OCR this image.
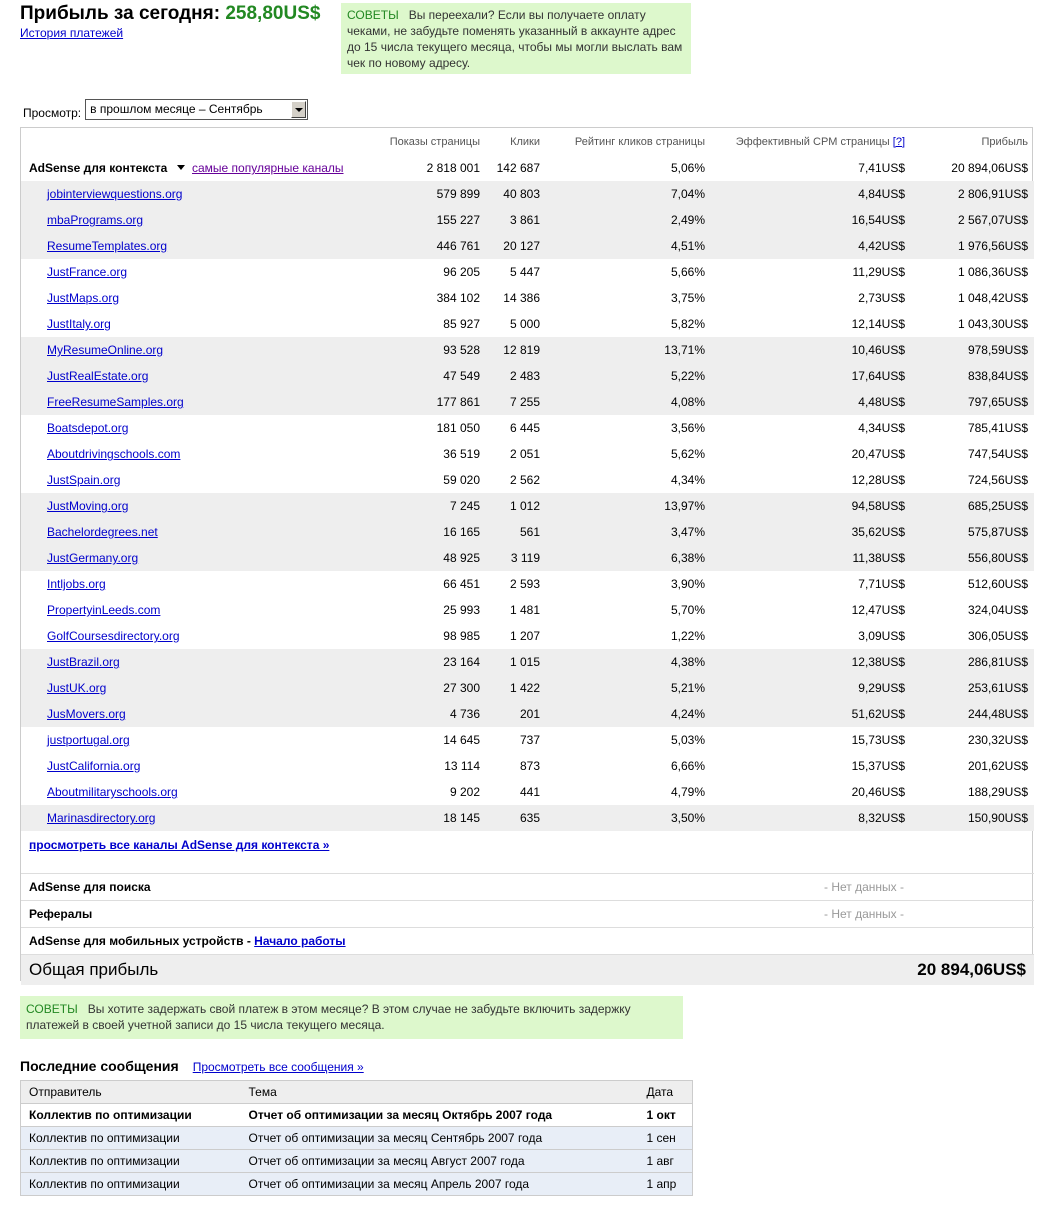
Прибыль за сегодня: 258,80US$
История платежей
СОВЕТЫ Вы переехали? Если вы получаете оплату чеками, не забудьте поменять указанный в аккаунте адрес до 15 числа текущего месяца, чтобы мы могли выслать вам чек по новому адресу.
Просмотр: в прошлом месяце – Сентябрь
	Показы страницы	Клики	Рейтинг кликов страницы	Эффективный CPM страницы [?]	Прибыль
AdSense для контекста самые популярные каналы	2 818 001	142 687	5,06%	7,41US$	20 894,06US$
jobinterviewquestions.org	579 899	40 803	7,04%	4,84US$	2 806,91US$
mbaPrograms.org	155 227	3 861	2,49%	16,54US$	2 567,07US$
ResumeTemplates.org	446 761	20 127	4,51%	4,42US$	1 976,56US$
JustFrance.org	96 205	5 447	5,66%	11,29US$	1 086,36US$
JustMaps.org	384 102	14 386	3,75%	2,73US$	1 048,42US$
JustItaly.org	85 927	5 000	5,82%	12,14US$	1 043,30US$
MyResumeOnline.org	93 528	12 819	13,71%	10,46US$	978,59US$
JustRealEstate.org	47 549	2 483	5,22%	17,64US$	838,84US$
FreeResumeSamples.org	177 861	7 255	4,08%	4,48US$	797,65US$
Boatsdepot.org	181 050	6 445	3,56%	4,34US$	785,41US$
Aboutdrivingschools.com	36 519	2 051	5,62%	20,47US$	747,54US$
JustSpain.org	59 020	2 562	4,34%	12,28US$	724,56US$
JustMoving.org	7 245	1 012	13,97%	94,58US$	685,25US$
Bachelordegrees.net	16 165	561	3,47%	35,62US$	575,87US$
JustGermany.org	48 925	3 119	6,38%	11,38US$	556,80US$
Intljobs.org	66 451	2 593	3,90%	7,71US$	512,60US$
PropertyinLeeds.com	25 993	1 481	5,70%	12,47US$	324,04US$
GolfCoursesdirectory.org	98 985	1 207	1,22%	3,09US$	306,05US$
JustBrazil.org	23 164	1 015	4,38%	12,38US$	286,81US$
JustUK.org	27 300	1 422	5,21%	9,29US$	253,61US$
JusMovers.org	4 736	201	4,24%	51,62US$	244,48US$
justportugal.org	14 645	737	5,03%	15,73US$	230,32US$
JustCalifornia.org	13 114	873	6,66%	15,37US$	201,62US$
Aboutmilitaryschools.org	9 202	441	4,79%	20,46US$	188,29US$
Marinasdirectory.org	18 145	635	3,50%	8,32US$	150,90US$
просмотреть все каналы AdSense для контекста »					

AdSense для поиска			- Нет данных -		
Рефералы			- Нет данных -		
AdSense для мобильных устройств - Начало работы					
Общая прибыль			20 894,06US$		
СОВЕТЫ Вы хотите задержать свой платеж в этом месяце? В этом случае не забудьте включить задержку платежей в своей учетной записи до 15 числа текущего месяца.
Последние сообщения Просмотреть все сообщения »
Отправитель	Тема	Дата
Коллектив по оптимизации	Отчет об оптимизации за месяц Октябрь 2007 года	1 окт
Коллектив по оптимизации	Отчет об оптимизации за месяц Сентябрь 2007 года	1 сен
Коллектив по оптимизации	Отчет об оптимизации за месяц Август 2007 года	1 авг
Коллектив по оптимизации	Отчет об оптимизации за месяц Апрель 2007 года	1 апр
